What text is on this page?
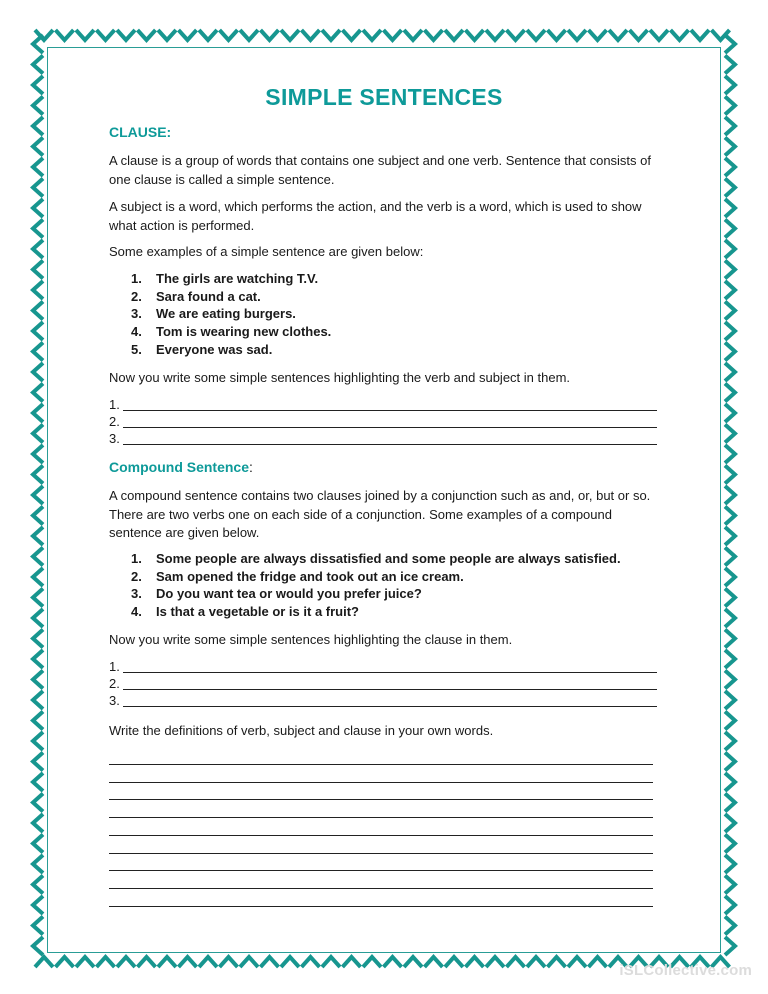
SIMPLE SENTENCES
CLAUSE:
A clause is a group of words that contains one subject and one verb. Sentence that consists of one clause is called a simple sentence.
A subject is a word, which performs the action, and the verb is a word, which is used to show what action is performed.
Some examples of a simple sentence are given below:
1. The girls are watching T.V.
2. Sara found a cat.
3. We are eating burgers.
4. Tom is wearing new clothes.
5. Everyone was sad.
Now you write some simple sentences highlighting the verb and subject in them.
1.
2.
3.
Compound Sentence:
A compound sentence contains two clauses joined by a conjunction such as and, or, but or so. There are two verbs one on each side of a conjunction. Some examples of a compound sentence are given below.
1. Some people are always dissatisfied and some people are always satisfied.
2. Sam opened the fridge and took out an ice cream.
3. Do you want tea or would you prefer juice?
4. Is that a vegetable or is it a fruit?
Now you write some simple sentences highlighting the clause in them.
1.
2.
3.
Write the definitions of verb, subject and clause in your own words.
iSLCollective.com
